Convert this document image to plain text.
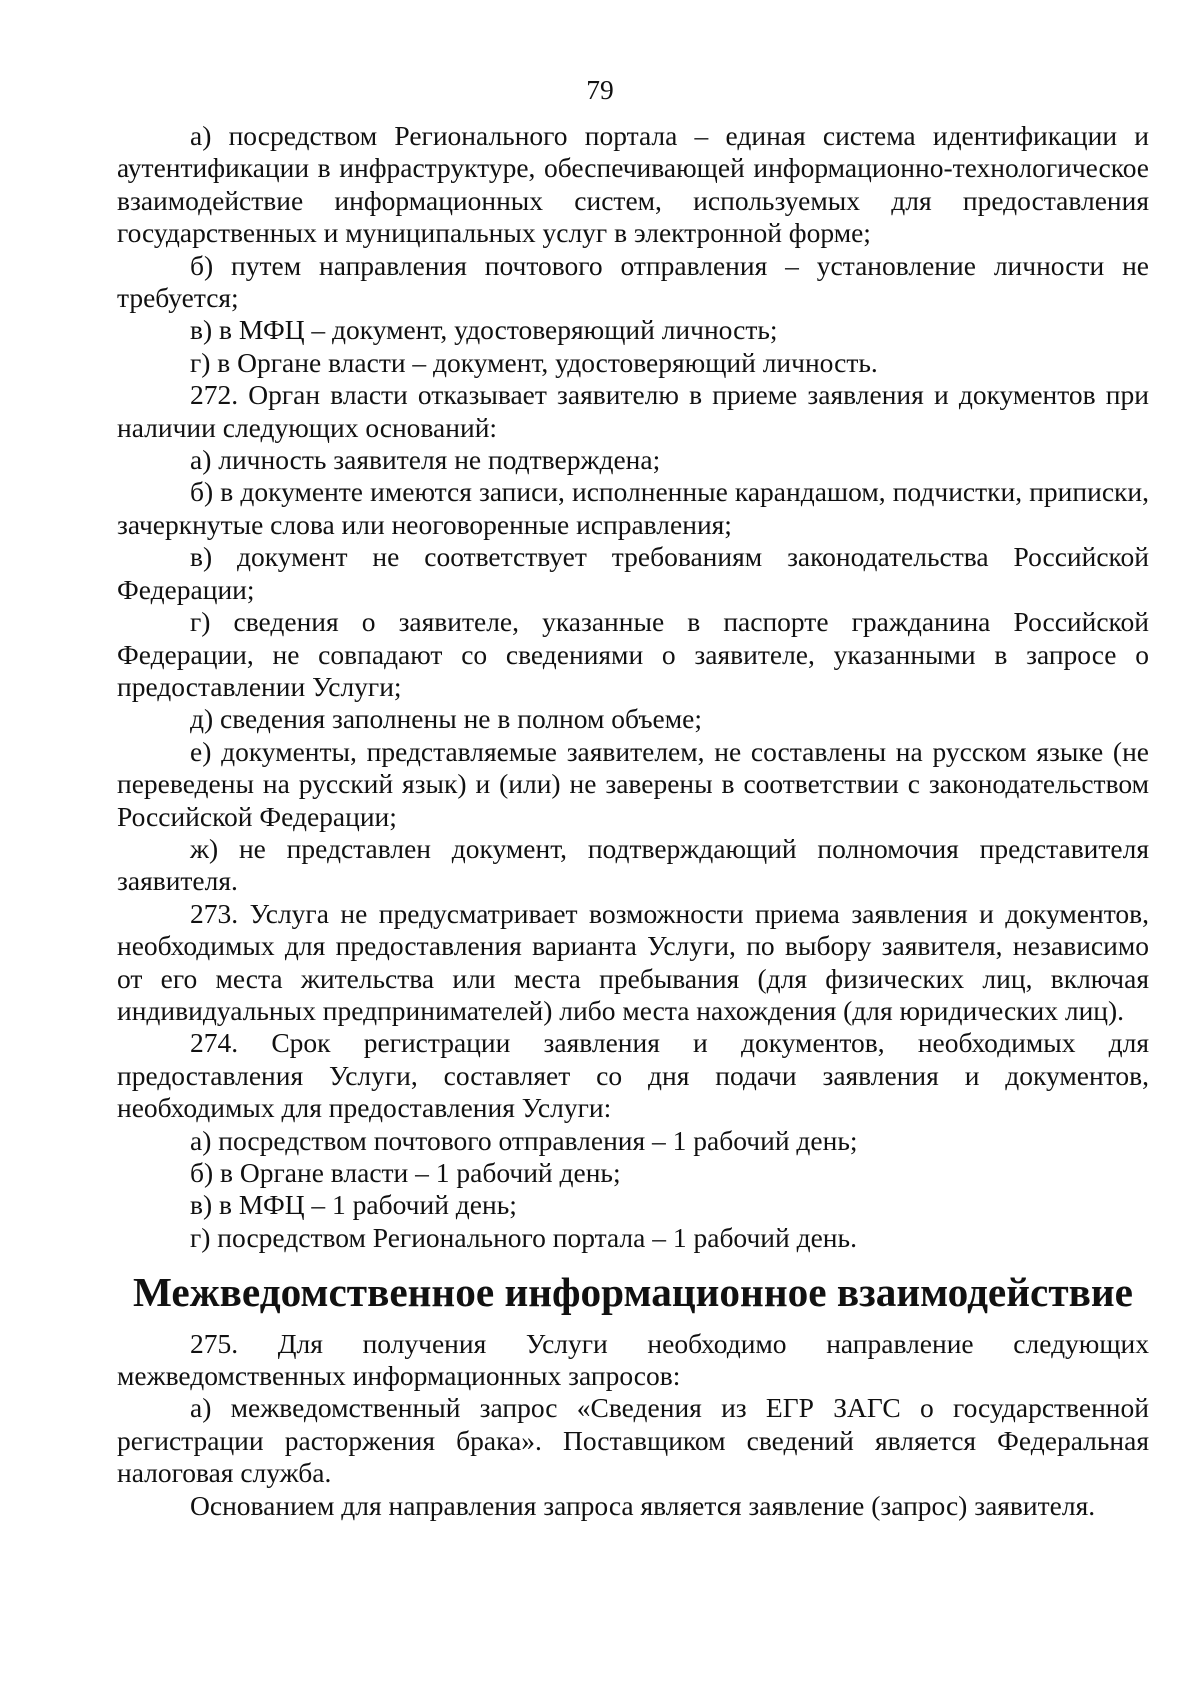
79

а) посредством Регионального портала – единая система идентификации и аутентификации в инфраструктуре, обеспечивающей информационно-технологическое взаимодействие информационных систем, используемых для предоставления государственных и муниципальных услуг в электронной форме;

б) путем направления почтового отправления – установление личности не требуется;

в) в МФЦ – документ, удостоверяющий личность;

г) в Органе власти – документ, удостоверяющий личность.

272. Орган власти отказывает заявителю в приеме заявления и документов при наличии следующих оснований:

а) личность заявителя не подтверждена;

б) в документе имеются записи, исполненные карандашом, подчистки, приписки, зачеркнутые слова или неоговоренные исправления;

в) документ не соответствует требованиям законодательства Российской Федерации;

г) сведения о заявителе, указанные в паспорте гражданина Российской Федерации, не совпадают со сведениями о заявителе, указанными в запросе о предоставлении Услуги;

д) сведения заполнены не в полном объеме;

е) документы, представляемые заявителем, не составлены на русском языке (не переведены на русский язык) и (или) не заверены в соответствии с законодательством Российской Федерации;

ж) не представлен документ, подтверждающий полномочия представителя заявителя.

273. Услуга не предусматривает возможности приема заявления и документов, необходимых для предоставления варианта Услуги, по выбору заявителя, независимо от его места жительства или места пребывания (для физических лиц, включая индивидуальных предпринимателей) либо места нахождения (для юридических лиц).

274. Срок регистрации заявления и документов, необходимых для предоставления Услуги, составляет со дня подачи заявления и документов, необходимых для предоставления Услуги:

а) посредством почтового отправления – 1 рабочий день;

б) в Органе власти – 1 рабочий день;

в) в МФЦ – 1 рабочий день;

г) посредством Регионального портала – 1 рабочий день.

Межведомственное информационное взаимодействие

275. Для получения Услуги необходимо направление следующих межведомственных информационных запросов:

а) межведомственный запрос «Сведения из ЕГР ЗАГС о государственной регистрации расторжения брака». Поставщиком сведений является Федеральная налоговая служба.

Основанием для направления запроса является заявление (запрос) заявителя.
